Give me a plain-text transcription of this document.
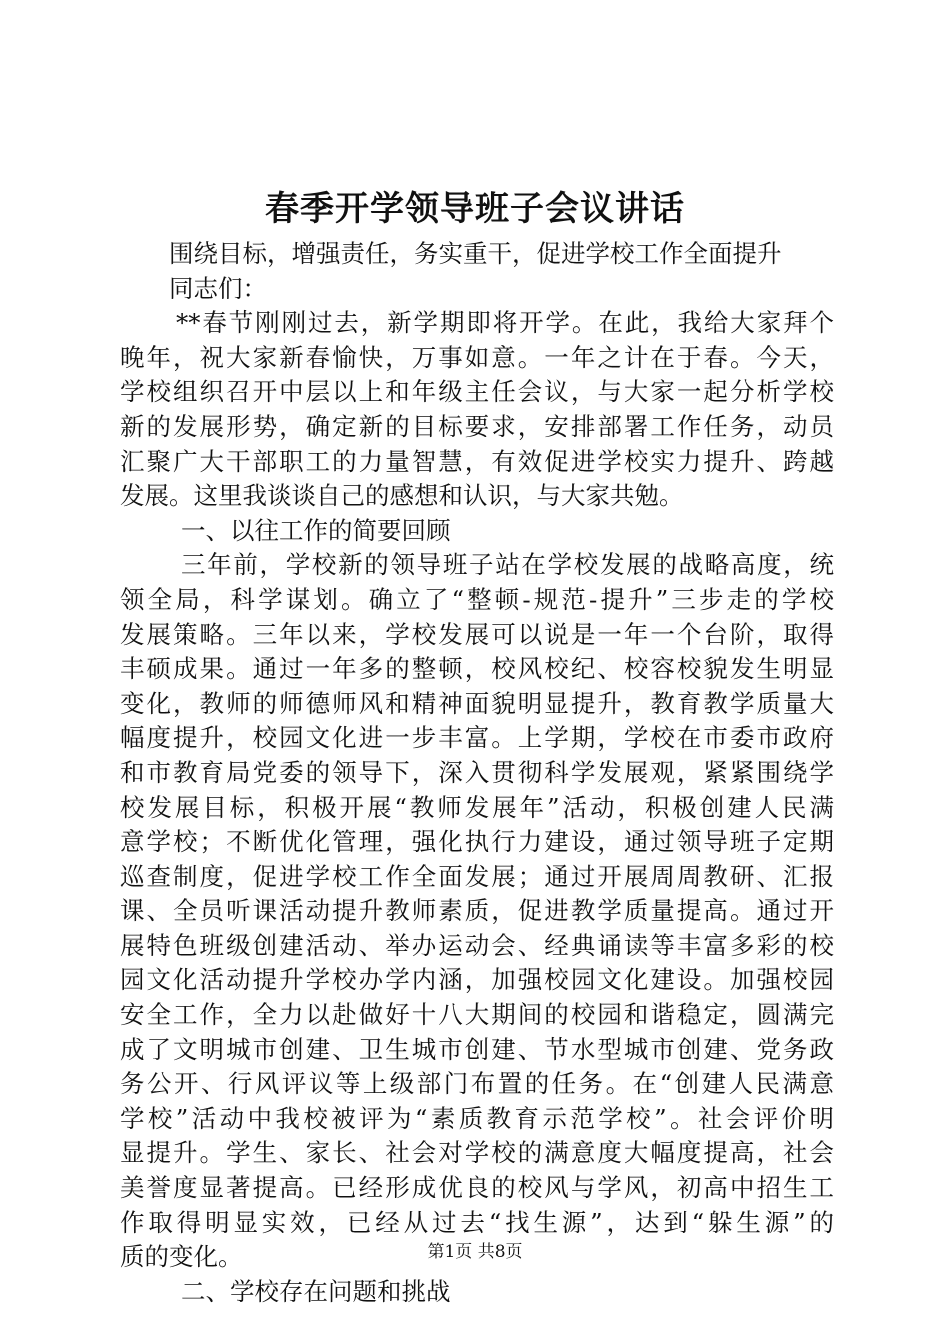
春季开学领导班子会议讲话
围绕目标，增强责任，务实重干，促进学校工作全面提升
同志们：
**春节刚刚过去，新学期即将开学。在此，我给大家拜个
晚年，祝大家新春愉快，万事如意。一年之计在于春。今天，
学校组织召开中层以上和年级主任会议，与大家一起分析学校
新的发展形势，确定新的目标要求，安排部署工作任务，动员
汇聚广大干部职工的力量智慧，有效促进学校实力提升、跨越
发展。这里我谈谈自己的感想和认识，与大家共勉。
一、以往工作的简要回顾
三年前，学校新的领导班子站在学校发展的战略高度，统
领全局，科学谋划。确立了“整顿-规范-提升”三步走的学校
发展策略。三年以来，学校发展可以说是一年一个台阶，取得
丰硕成果。通过一年多的整顿，校风校纪、校容校貌发生明显
变化，教师的师德师风和精神面貌明显提升，教育教学质量大
幅度提升，校园文化进一步丰富。上学期，学校在市委市政府
和市教育局党委的领导下，深入贯彻科学发展观，紧紧围绕学
校发展目标，积极开展“教师发展年”活动，积极创建人民满
意学校；不断优化管理，强化执行力建设，通过领导班子定期
巡查制度，促进学校工作全面发展；通过开展周周教研、汇报
课、全员听课活动提升教师素质，促进教学质量提高。通过开
展特色班级创建活动、举办运动会、经典诵读等丰富多彩的校
园文化活动提升学校办学内涵，加强校园文化建设。加强校园
安全工作，全力以赴做好十八大期间的校园和谐稳定，圆满完
成了文明城市创建、卫生城市创建、节水型城市创建、党务政
务公开、行风评议等上级部门布置的任务。在“创建人民满意
学校”活动中我校被评为“素质教育示范学校”。社会评价明
显提升。学生、家长、社会对学校的满意度大幅度提高，社会
美誉度显著提高。已经形成优良的校风与学风，初高中招生工
作取得明显实效，已经从过去“找生源”，达到“躲生源”的
质的变化。
二、学校存在问题和挑战
第1页 共8页
